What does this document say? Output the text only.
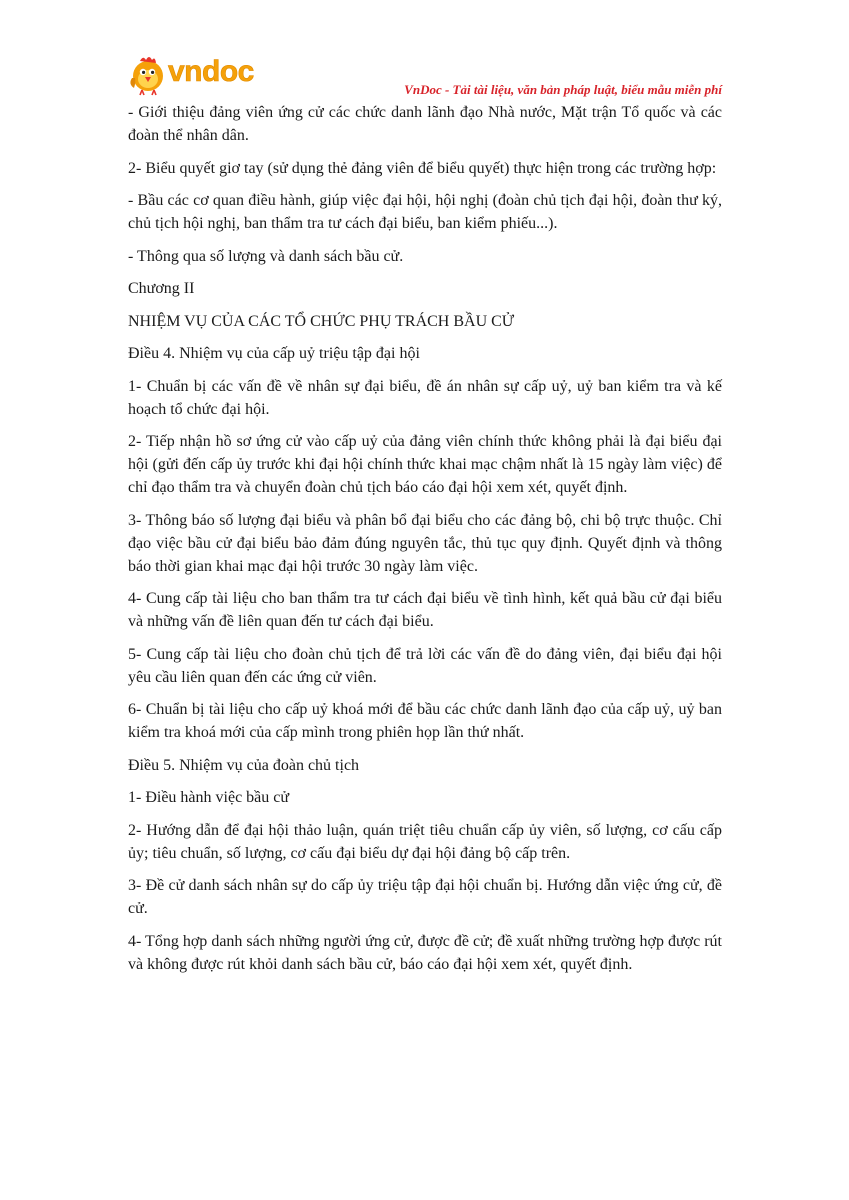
vndoc
VnDoc - Tải tài liệu, văn bản pháp luật, biểu mẫu miễn phí

- Giới thiệu đảng viên ứng cử các chức danh lãnh đạo Nhà nước, Mặt trận Tổ quốc và các đoàn thể nhân dân.

2- Biểu quyết giơ tay (sử dụng thẻ đảng viên để biểu quyết) thực hiện trong các trường hợp:

- Bầu các cơ quan điều hành, giúp việc đại hội, hội nghị (đoàn chủ tịch đại hội, đoàn thư ký, chủ tịch hội nghị, ban thẩm tra tư cách đại biểu, ban kiểm phiếu...).

- Thông qua số lượng và danh sách bầu cử.

Chương II

NHIỆM VỤ CỦA CÁC TỔ CHỨC PHỤ TRÁCH BẦU CỬ

Điều 4. Nhiệm vụ của cấp uỷ triệu tập đại hội

1- Chuẩn bị các vấn đề về nhân sự đại biểu, đề án nhân sự cấp uỷ, uỷ ban kiểm tra và kế hoạch tổ chức đại hội.

2- Tiếp nhận hồ sơ ứng cử vào cấp uỷ của đảng viên chính thức không phải là đại biểu đại hội (gửi đến cấp ủy trước khi đại hội chính thức khai mạc chậm nhất là 15 ngày làm việc) để chỉ đạo thẩm tra và chuyển đoàn chủ tịch báo cáo đại hội xem xét, quyết định.

3- Thông báo số lượng đại biểu và phân bổ đại biểu cho các đảng bộ, chi bộ trực thuộc. Chỉ đạo việc bầu cử đại biểu bảo đảm đúng nguyên tắc, thủ tục quy định. Quyết định và thông báo thời gian khai mạc đại hội trước 30 ngày làm việc.

4- Cung cấp tài liệu cho ban thẩm tra tư cách đại biểu về tình hình, kết quả bầu cử đại biểu và những vấn đề liên quan đến tư cách đại biểu.

5- Cung cấp tài liệu cho đoàn chủ tịch để trả lời các vấn đề do đảng viên, đại biểu đại hội yêu cầu liên quan đến các ứng cử viên.

6- Chuẩn bị tài liệu cho cấp uỷ khoá mới để bầu các chức danh lãnh đạo của cấp uỷ, uỷ ban kiểm tra khoá mới của cấp mình trong phiên họp lần thứ nhất.

Điều 5. Nhiệm vụ của đoàn chủ tịch

1- Điều hành việc bầu cử

2- Hướng dẫn để đại hội thảo luận, quán triệt tiêu chuẩn cấp ủy viên, số lượng, cơ cấu cấp ủy; tiêu chuẩn, số lượng, cơ cấu đại biểu dự đại hội đảng bộ cấp trên.

3- Đề cử danh sách nhân sự do cấp ủy triệu tập đại hội chuẩn bị. Hướng dẫn việc ứng cử, đề cử.

4- Tổng hợp danh sách những người ứng cử, được đề cử; đề xuất những trường hợp được rút và không được rút khỏi danh sách bầu cử, báo cáo đại hội xem xét, quyết định.
